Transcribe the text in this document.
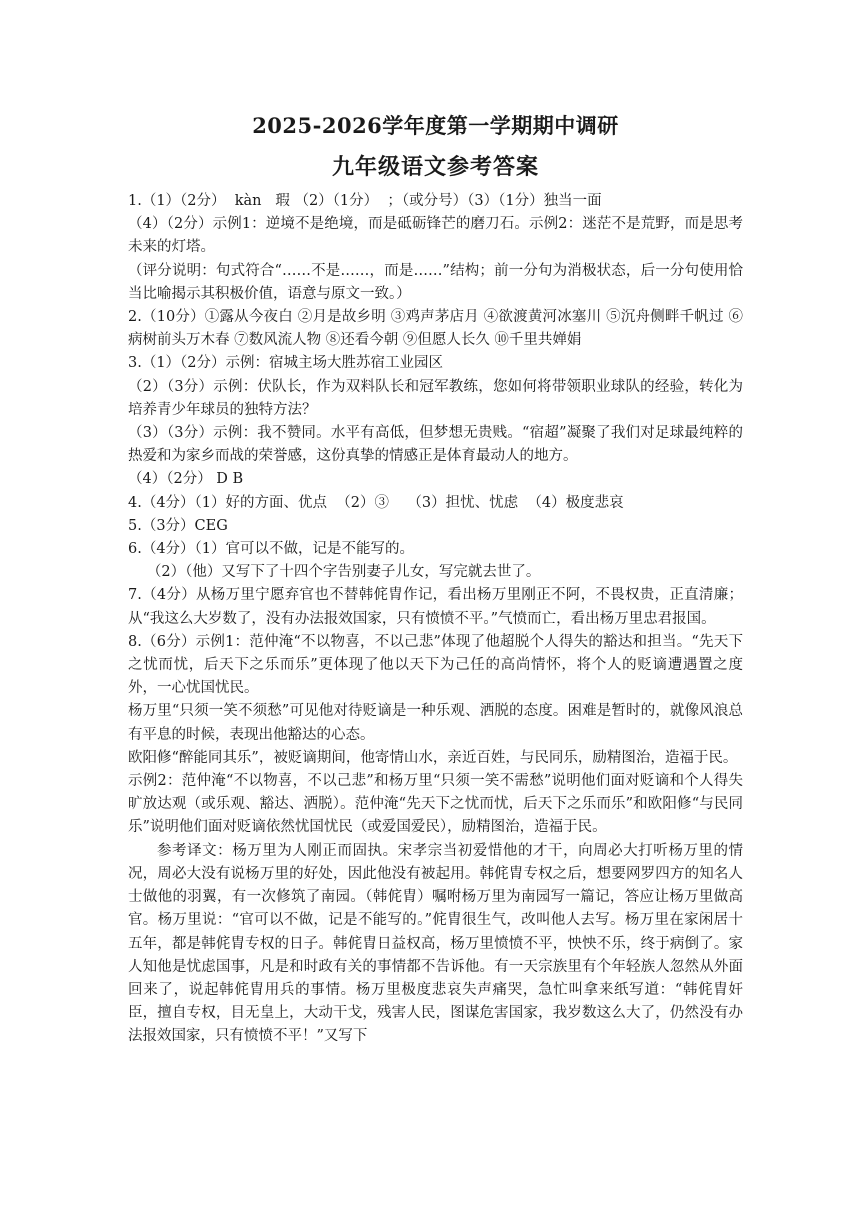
2025-2026学年度第一学期期中调研
九年级语文参考答案

1.（1）（2分）  kàn   瑕 （2）（1分）  ；（或分号）（3）（1分）独当一面

（4）（2分）示例1：逆境不是绝境，而是砥砺锋芒的磨刀石。示例2：迷茫不是荒野，而是思考未来的灯塔。

（评分说明：句式符合“……不是……，而是……”结构；前一分句为消极状态，后一分句使用恰当比喻揭示其积极价值，语意与原文一致。）

2.（10分）①露从今夜白 ②月是故乡明 ③鸡声茅店月 ④欲渡黄河冰塞川 ⑤沉舟侧畔千帆过 ⑥病树前头万木春 ⑦数风流人物 ⑧还看今朝 ⑨但愿人长久 ⑩千里共婵娟

3.（1）（2分）示例：宿城主场大胜苏宿工业园区

（2）（3分）示例：伏队长，作为双料队长和冠军教练，您如何将带领职业球队的经验，转化为培养青少年球员的独特方法？

（3）（3分）示例：我不赞同。水平有高低，但梦想无贵贱。“宿超”凝聚了我们对足球最纯粹的热爱和为家乡而战的荣誉感，这份真挚的情感正是体育最动人的地方。

（4）（2分） D B

4.（4分）（1）好的方面、优点  （2）③    （3）担忧、忧虑  （4）极度悲哀

5.（3分）CEG

6.（4分）（1）官可以不做，记是不能写的。

（2）（他）又写下了十四个字告别妻子儿女，写完就去世了。

7.（4分）从杨万里宁愿弃官也不替韩侂胄作记，看出杨万里刚正不阿，不畏权贵，正直清廉；从“我这么大岁数了，没有办法报效国家，只有愤愤不平。”气愤而亡，看出杨万里忠君报国。

8.（6分）示例1：范仲淹“不以物喜，不以己悲”体现了他超脱个人得失的豁达和担当。“先天下之忧而忧，后天下之乐而乐”更体现了他以天下为己任的高尚情怀，将个人的贬谪遭遇置之度外，一心忧国忧民。

杨万里“只须一笑不须愁”可见他对待贬谪是一种乐观、洒脱的态度。困难是暂时的，就像风浪总有平息的时候，表现出他豁达的心态。

欧阳修“醉能同其乐”，被贬谪期间，他寄情山水，亲近百姓，与民同乐，励精图治，造福于民。

示例2：范仲淹“不以物喜，不以己悲”和杨万里“只须一笑不需愁”说明他们面对贬谪和个人得失旷放达观（或乐观、豁达、洒脱）。范仲淹“先天下之忧而忧，后天下之乐而乐”和欧阳修“与民同乐”说明他们面对贬谪依然忧国忧民（或爱国爱民），励精图治，造福于民。

参考译文：杨万里为人刚正而固执。宋孝宗当初爱惜他的才干，向周必大打听杨万里的情况，周必大没有说杨万里的好处，因此他没有被起用。韩侂胄专权之后，想要网罗四方的知名人士做他的羽翼，有一次修筑了南园。（韩侂胄）嘱咐杨万里为南园写一篇记，答应让杨万里做高官。杨万里说：“官可以不做，记是不能写的。”侂胄很生气，改叫他人去写。杨万里在家闲居十五年，都是韩侂胄专权的日子。韩侂胄日益权高，杨万里愤愤不平，怏怏不乐，终于病倒了。家人知他是忧虑国事，凡是和时政有关的事情都不告诉他。有一天宗族里有个年轻族人忽然从外面回来了，说起韩侂胄用兵的事情。杨万里极度悲哀失声痛哭，急忙叫拿来纸写道：“韩侂胄奸臣，擅自专权，目无皇上，大动干戈，残害人民，图谋危害国家，我岁数这么大了，仍然没有办法报效国家，只有愤愤不平！”又写下
